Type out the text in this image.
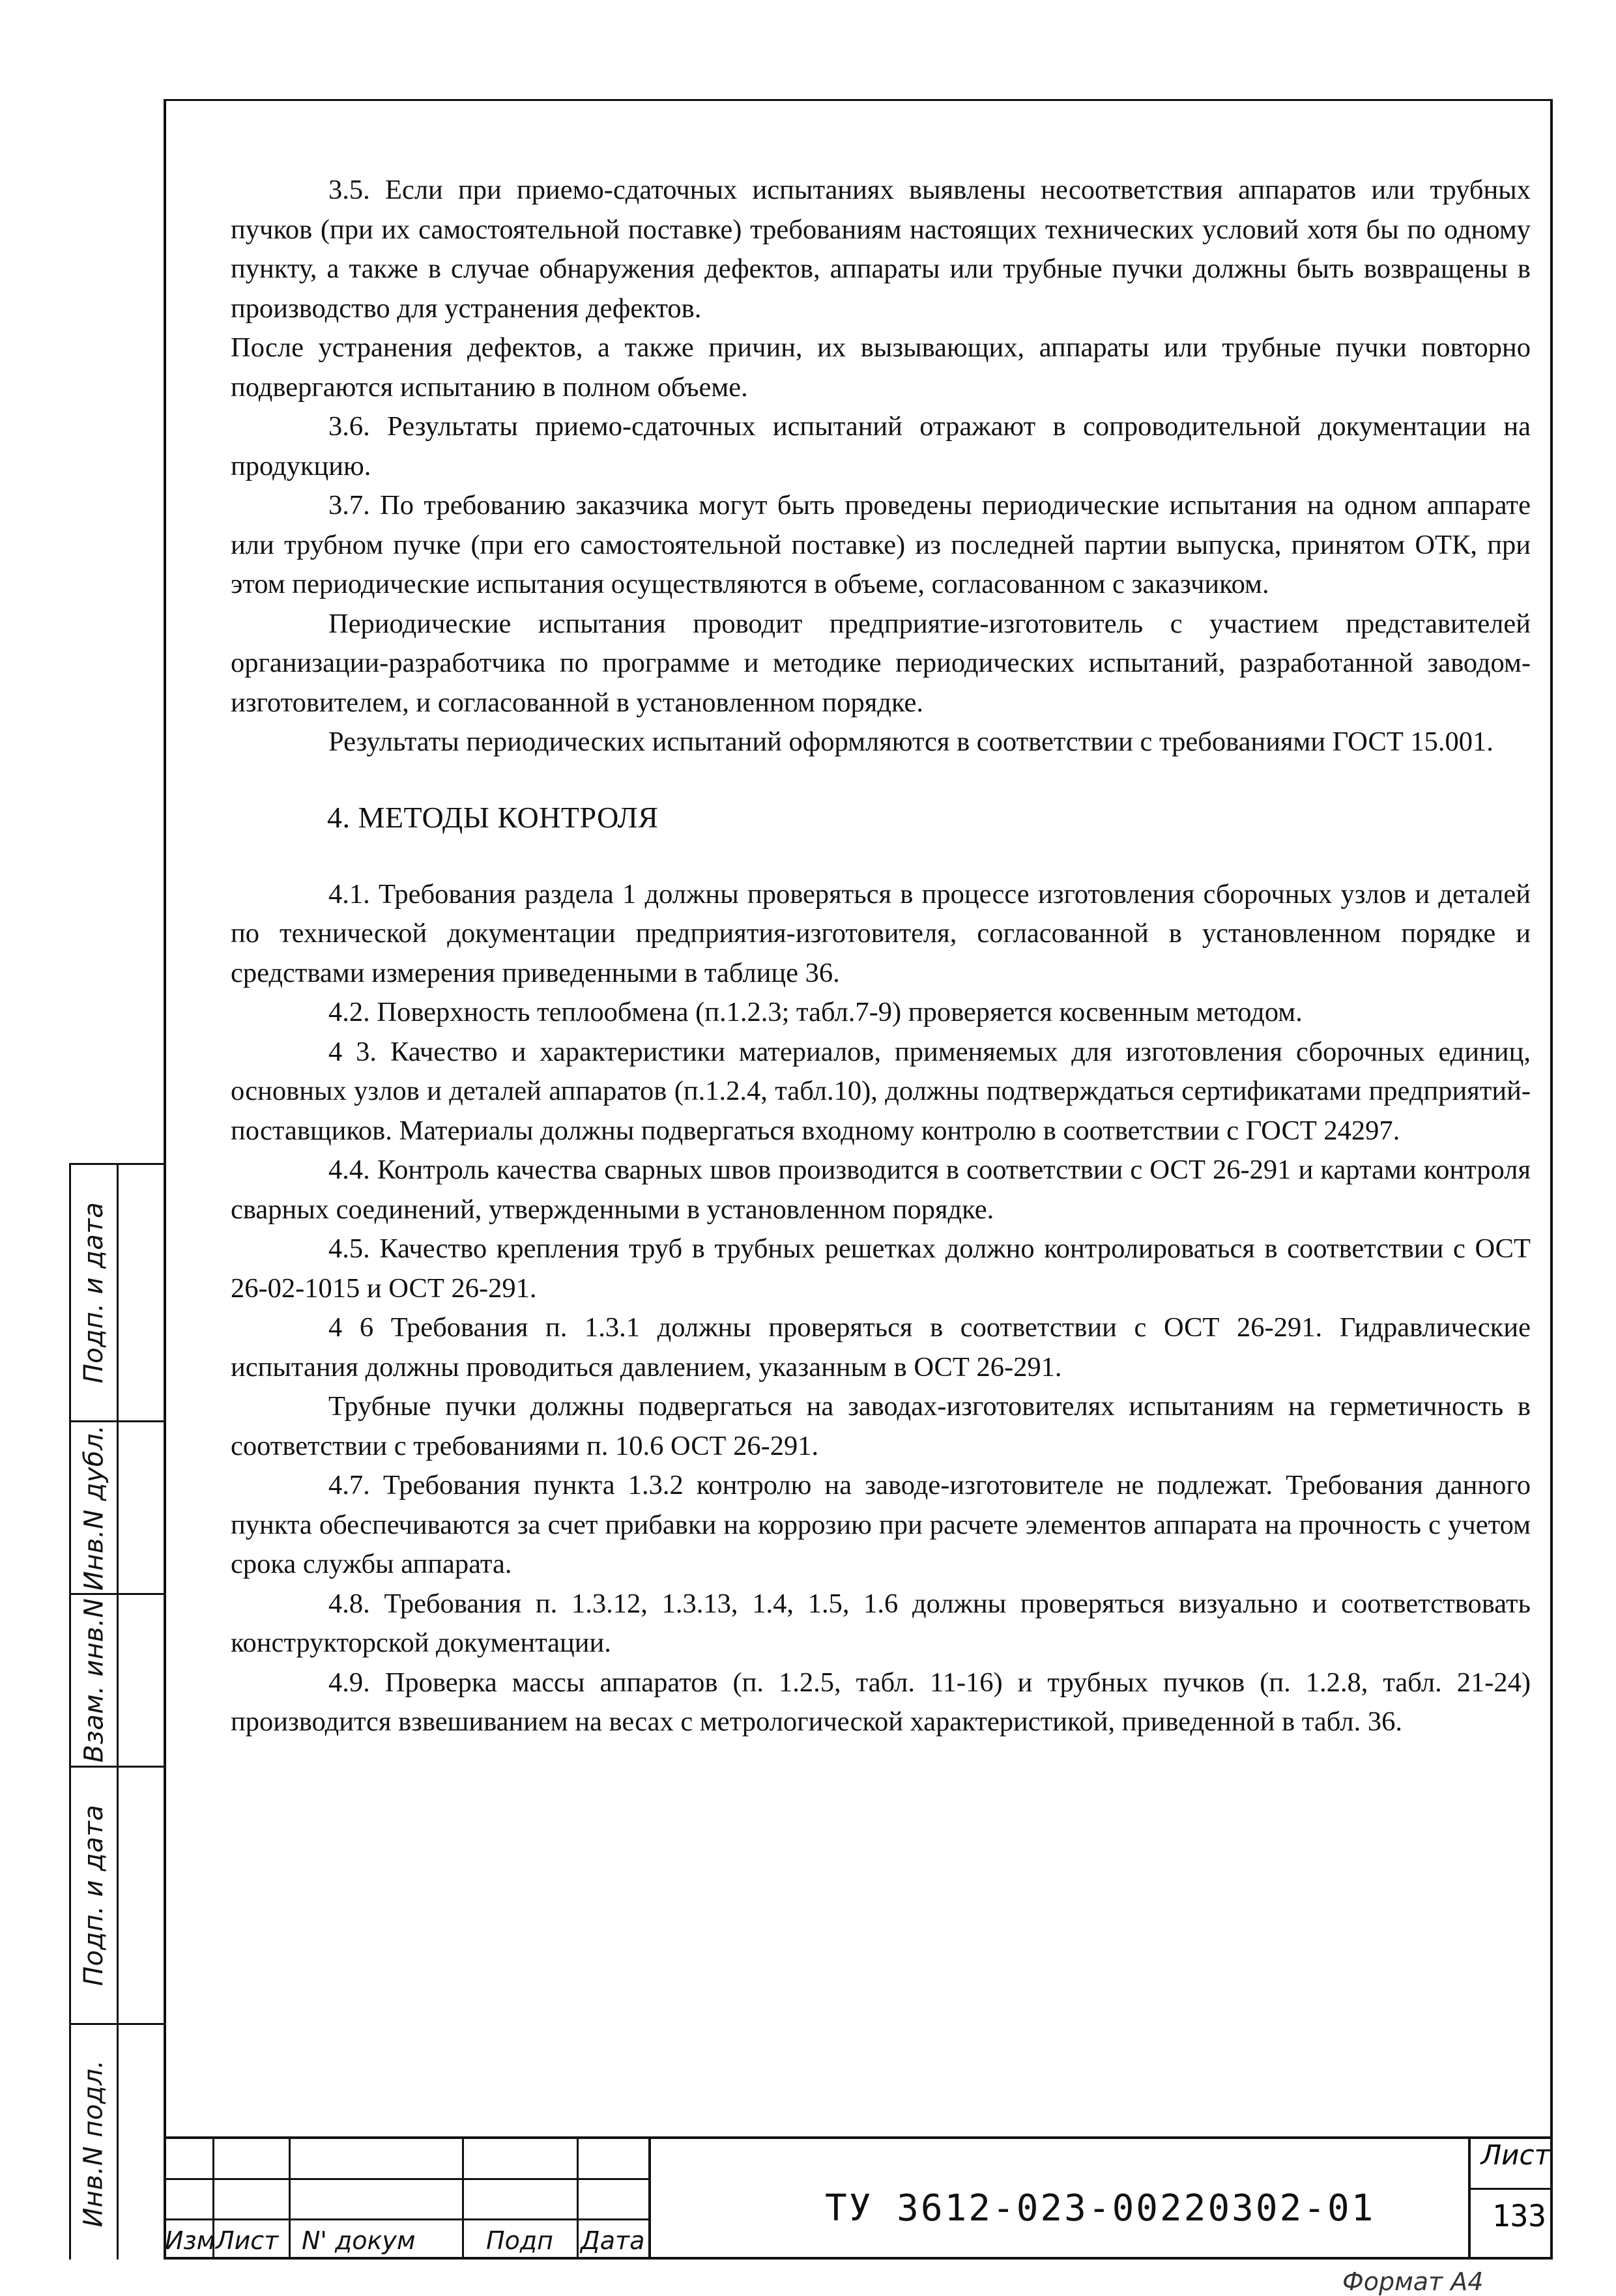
3.5. Если при приемо-сдаточных испытаниях выявлены несоответствия аппаратов или трубных пучков (при их самостоятельной поставке) требованиям настоящих технических условий хотя бы по одному пункту, а также в случае обнаружения дефектов, аппараты или трубные пучки должны быть возвращены в производство для устранения дефектов.

После устранения дефектов, а также причин, их вызывающих, аппараты или трубные пучки повторно подвергаются испытанию в полном объеме.

3.6. Результаты приемо-сдаточных испытаний отражают в сопроводительной документации на продукцию.

3.7. По требованию заказчика могут быть проведены периодические испытания на одном аппарате или трубном пучке (при его самостоятельной поставке) из последней партии выпуска, принятом ОТК, при этом периодические испытания осуществляются в объеме, согласованном с заказчиком.

Периодические испытания проводит предприятие-изготовитель с участием представителей организации-разработчика по программе и методике периодических испытаний, разработанной заводом-изготовителем, и согласованной в установленном порядке.

Результаты периодических испытаний оформляются в соответствии с требованиями ГОСТ 15.001.

4. МЕТОДЫ КОНТРОЛЯ

4.1. Требования раздела 1 должны проверяться в процессе изготовления сборочных узлов и деталей по технической документации предприятия-изготовителя, согласованной в установленном порядке и средствами измерения приведенными в таблице 36.

4.2. Поверхность теплообмена (п.1.2.3; табл.7-9) проверяется косвенным методом.

4 3. Качество и характеристики материалов, применяемых для изготовления сборочных единиц, основных узлов и деталей аппаратов (п.1.2.4, табл.10), должны подтверждаться сертификатами предприятий-поставщиков. Материалы должны подвергаться входному контролю в соответствии с ГОСТ 24297.

4.4. Контроль качества сварных швов производится в соответствии с ОСТ 26-291 и картами контроля сварных соединений, утвержденными в установленном порядке.

4.5. Качество крепления труб в трубных решетках должно контролироваться в соответствии с ОСТ 26-02-1015 и ОСТ 26-291.

4 6 Требования п. 1.3.1 должны проверяться в соответствии с ОСТ 26-291. Гидравлические испытания должны проводиться давлением, указанным в ОСТ 26-291.

Трубные пучки должны подвергаться на заводах-изготовителях испытаниям на герметичность в соответствии с требованиями п. 10.6 ОСТ 26-291.

4.7. Требования пункта 1.3.2 контролю на заводе-изготовителе не подлежат. Требования данного пункта обеспечиваются за счет прибавки на коррозию при расчете элементов аппарата на прочность с учетом срока службы аппарата.

4.8. Требования п. 1.3.12, 1.3.13, 1.4, 1.5, 1.6 должны проверяться визуально и соответствовать конструкторской документации.

4.9. Проверка массы аппаратов (п. 1.2.5, табл. 11-16) и трубных пучков (п. 1.2.8, табл. 21-24) производится взвешиванием на весах с метрологической характеристикой, приведенной в табл. 36.

Подп. и дата
Инв.N дубл.
Взам. инв.N
Подп. и дата
Инв.N подл.
Изм Лист N' докум	Подп Дата
ТУ 3612-023-00220302-01
Лист
133
Формат А4
